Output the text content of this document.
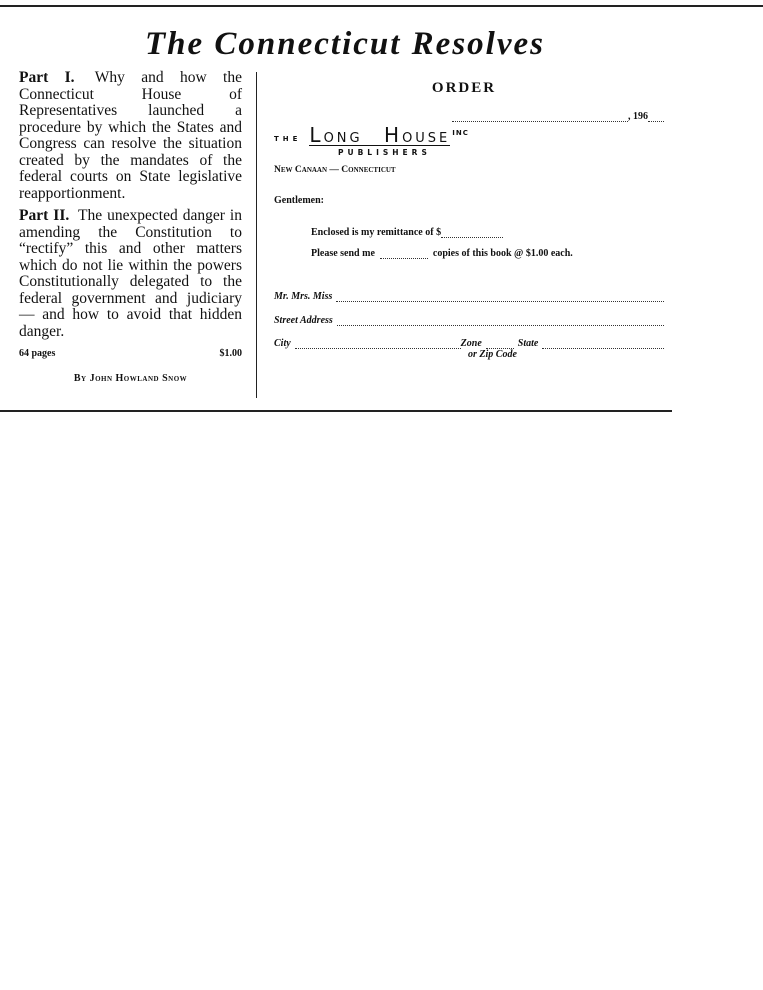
The Connecticut Resolves

Part I. Why and how the Connecticut House of Representatives launched a procedure by which the States and Congress can resolve the situation created by the mandates of the federal courts on State legislative reapportionment.

Part II. The unexpected danger in amending the Constitution to “rectify” this and other matters which do not lie within the powers Constitutionally delegated to the federal government and judiciary — and how to avoid that hidden danger.

64 pages	$1.00
By John Howland Snow
ORDER
, 196
THE LONG HOUSE INC
PUBLISHERS
New Canaan — Connecticut
Gentlemen:
Enclosed is my remittance of $
Please send me	copies of this book @ $1.00 each.
Mr. Mrs. Miss
Street Address
City	Zone	State
or Zip Code
